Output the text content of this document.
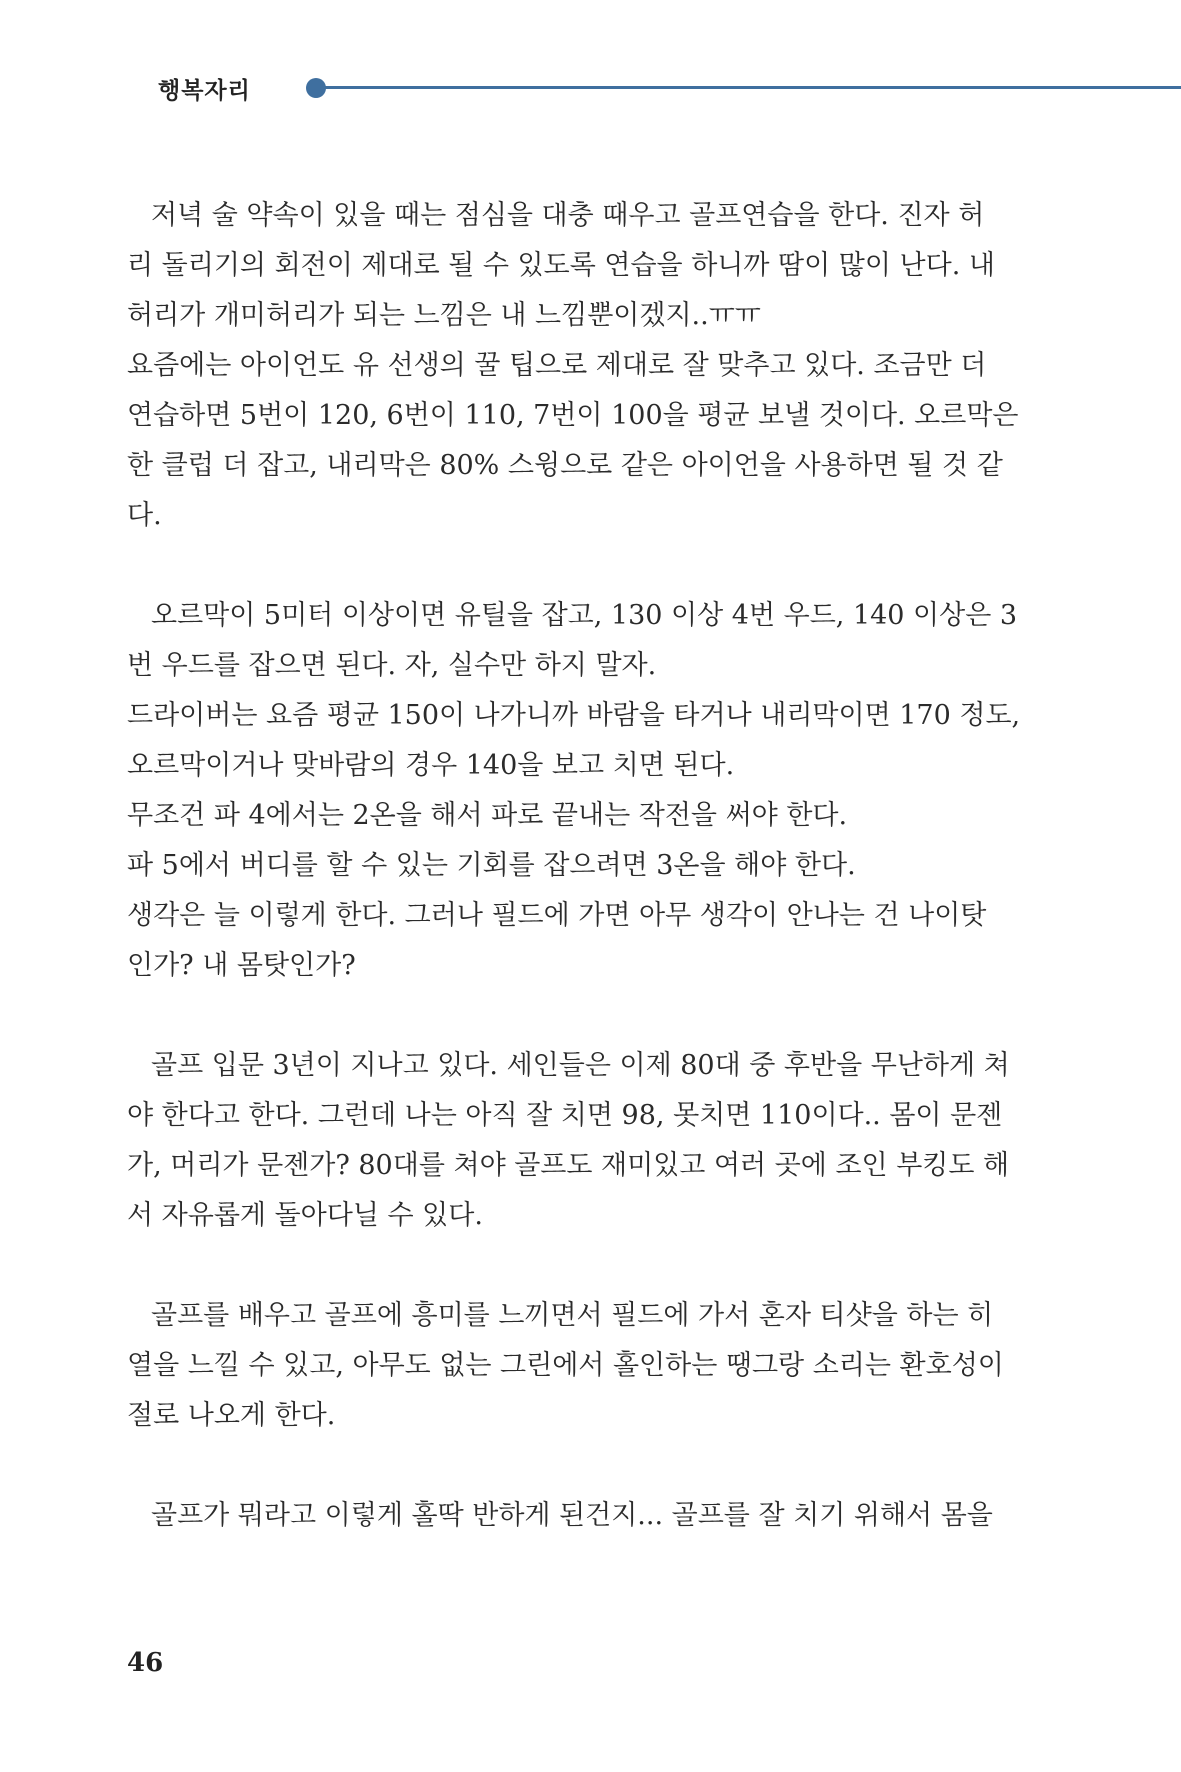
행복자리
저녁 술 약속이 있을 때는 점심을 대충 때우고 골프연습을 한다. 진자 허
리 돌리기의 회전이 제대로 될 수 있도록 연습을 하니까 땀이 많이 난다. 내
허리가 개미허리가 되는 느낌은 내 느낌뿐이겠지..ㅠㅠ
요즘에는 아이언도 유 선생의 꿀 팁으로 제대로 잘 맞추고 있다. 조금만 더
연습하면 5번이 120, 6번이 110, 7번이 100을 평균 보낼 것이다. 오르막은
한 클럽 더 잡고, 내리막은 80% 스윙으로 같은 아이언을 사용하면 될 것 같
다.
오르막이 5미터 이상이면 유틸을 잡고, 130 이상 4번 우드, 140 이상은 3
번 우드를 잡으면 된다. 자, 실수만 하지 말자.
드라이버는 요즘 평균 150이 나가니까 바람을 타거나 내리막이면 170 정도,
오르막이거나 맞바람의 경우 140을 보고 치면 된다.
무조건 파 4에서는 2온을 해서 파로 끝내는 작전을 써야 한다.
파 5에서 버디를 할 수 있는 기회를 잡으려면 3온을 해야 한다.
생각은 늘 이렇게 한다. 그러나 필드에 가면 아무 생각이 안나는 건 나이탓
인가? 내 몸탓인가?
골프 입문 3년이 지나고 있다. 세인들은 이제 80대 중 후반을 무난하게 쳐
야 한다고 한다. 그런데 나는 아직 잘 치면 98, 못치면 110이다.. 몸이 문젠
가, 머리가 문젠가? 80대를 쳐야 골프도 재미있고 여러 곳에 조인 부킹도 해
서 자유롭게 돌아다닐 수 있다.
골프를 배우고 골프에 흥미를 느끼면서 필드에 가서 혼자 티샷을 하는 히
열을 느낄 수 있고, 아무도 없는 그린에서 홀인하는 땡그랑 소리는 환호성이
절로 나오게 한다.
골프가 뭐라고 이렇게 홀딱 반하게 된건지... 골프를 잘 치기 위해서 몸을
46
